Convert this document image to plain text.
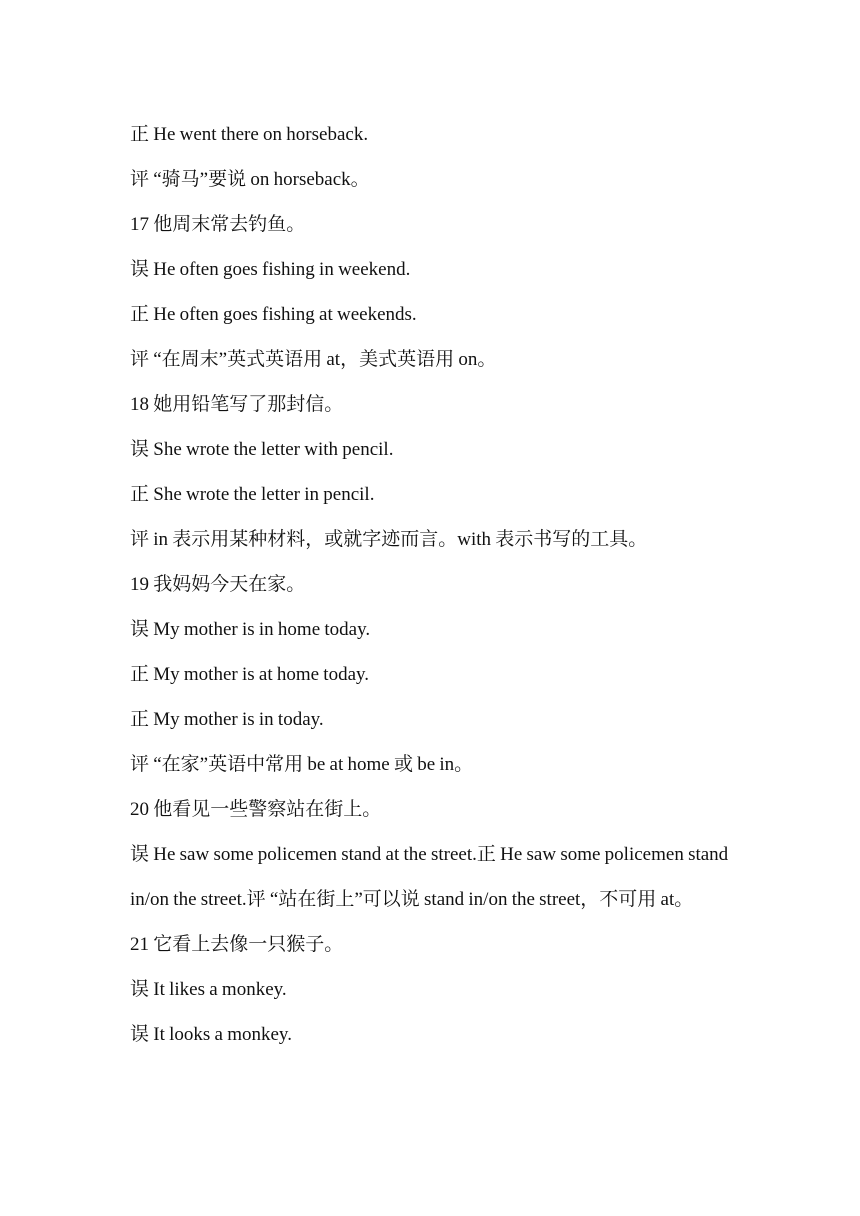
正 He went there on horseback.
评 “骑马”要说 on horseback。
17 他周末常去钓鱼。
误 He often goes fishing in weekend.
正 He often goes fishing at weekends.
评 “在周末”英式英语用 at，美式英语用 on。
18 她用铅笔写了那封信。
误 She wrote the letter with pencil.
正 She wrote the letter in pencil.
评 in 表示用某种材料，或就字迹而言。with 表示书写的工具。
19 我妈妈今天在家。
误 My mother is in home today.
正 My mother is at home today.
正 My mother is in today.
评 “在家”英语中常用 be at home 或 be in。
20 他看见一些警察站在街上。
误 He saw some policemen stand at the street.正 He saw some policemen stand in/on the street.评 “站在街上”可以说 stand in/on the street，不可用 at。
21 它看上去像一只猴子。
误 It likes a monkey.
误 It looks a monkey.
